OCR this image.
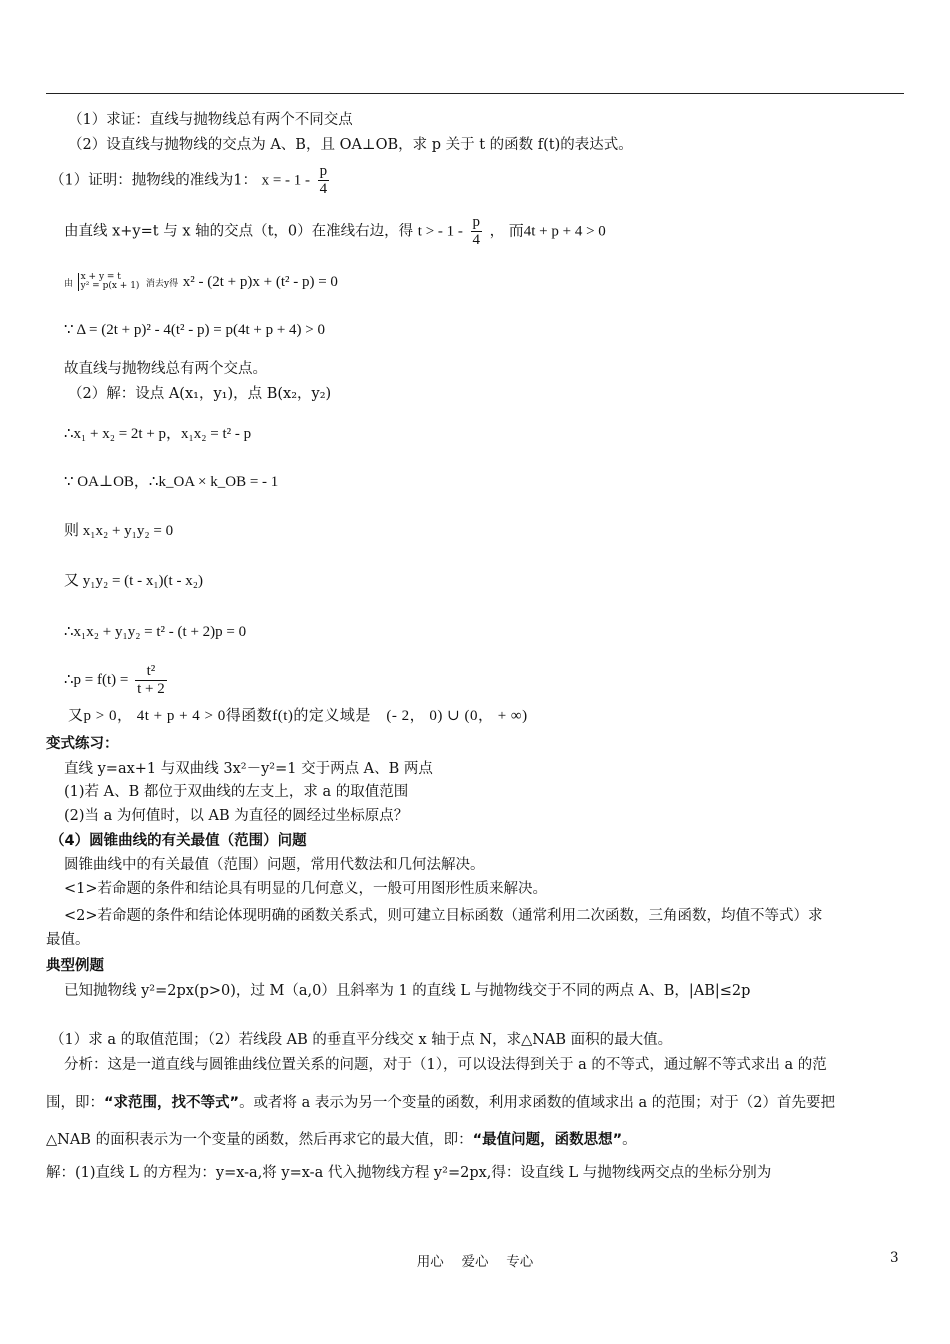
（1）求证：直线与抛物线总有两个不同交点
（2）设直线与抛物线的交点为 A、B，且 OA⊥OB，求 p 关于 t 的函数 f(t)的表达式。
（1）证明：抛物线的准线为1： x = - $1 - \frac{p}{4}$
由直线 x+y=t 与 x 轴的交点（t，0）在准线右边，得 t > - $1 - \frac{p}{4}$ ， 而4t + p + 4 > 0
由
x + y = t
y² = p(x + 1) 消去y得 x² - (2t + p)x + (t² - p) = 0
∵ Δ = (2t + p)² - 4(t² - p) = p(4t + p + 4) > 0
故直线与抛物线总有两个交点。
（2）解：设点 A(x₁，y₁)，点 B(x₂，y₂)
∴x₁ + x₂ = 2t + p，x₁x₂ = t² - p
∵ OA⊥OB，∴k_OA × k_OB = - 1
则 x₁x₂ + y₁y₂ = 0
又 y₁y₂ = (t - x₁)(t - x₂)
∴x₁x₂ + y₁y₂ = t² - (t + 2)p = 0
∴p = $f(t) = \frac{\text{t²}}{t + 2}$
又p > 0， 4t + p + 4 > 0得函数f(t)的定义域是　(- 2， 0) ∪ (0， + ∞)
变式练习：
直线 y=ax+1 与双曲线 3x²－y²=1 交于两点 A、B 两点
(1)若 A、B 都位于双曲线的左支上，求 a 的取值范围
(2)当 a 为何值时，以 AB 为直径的圆经过坐标原点？
（4）圆锥曲线的有关最值（范围）问题
圆锥曲线中的有关最值（范围）问题，常用代数法和几何法解决。
<1>若命题的条件和结论具有明显的几何意义，一般可用图形性质来解决。
<2>若命题的条件和结论体现明确的函数关系式，则可建立目标函数（通常利用二次函数，三角函数，均值不等式）求
最值。
典型例题
已知抛物线 y²=2px(p>0)，过 M（a,0）且斜率为 1 的直线 L 与抛物线交于不同的两点 A、B，|AB|≤2p
（1）求 a 的取值范围；（2）若线段 AB 的垂直平分线交 x 轴于点 N，求△NAB 面积的最大值。
分析：这是一道直线与圆锥曲线位置关系的问题，对于（1），可以设法得到关于 a 的不等式，通过解不等式求出 a 的范
围，即：“求范围，找不等式”。或者将 a 表示为另一个变量的函数，利用求函数的值域求出 a 的范围；对于（2）首先要把
△NAB 的面积表示为一个变量的函数，然后再求它的最大值，即：“最值问题，函数思想”。
解：(1)直线 L 的方程为：y=x-a,将 y=x-a 代入抛物线方程 y²=2px,得：设直线 L 与抛物线两交点的坐标分别为
用心　 爱心　 专心	3
